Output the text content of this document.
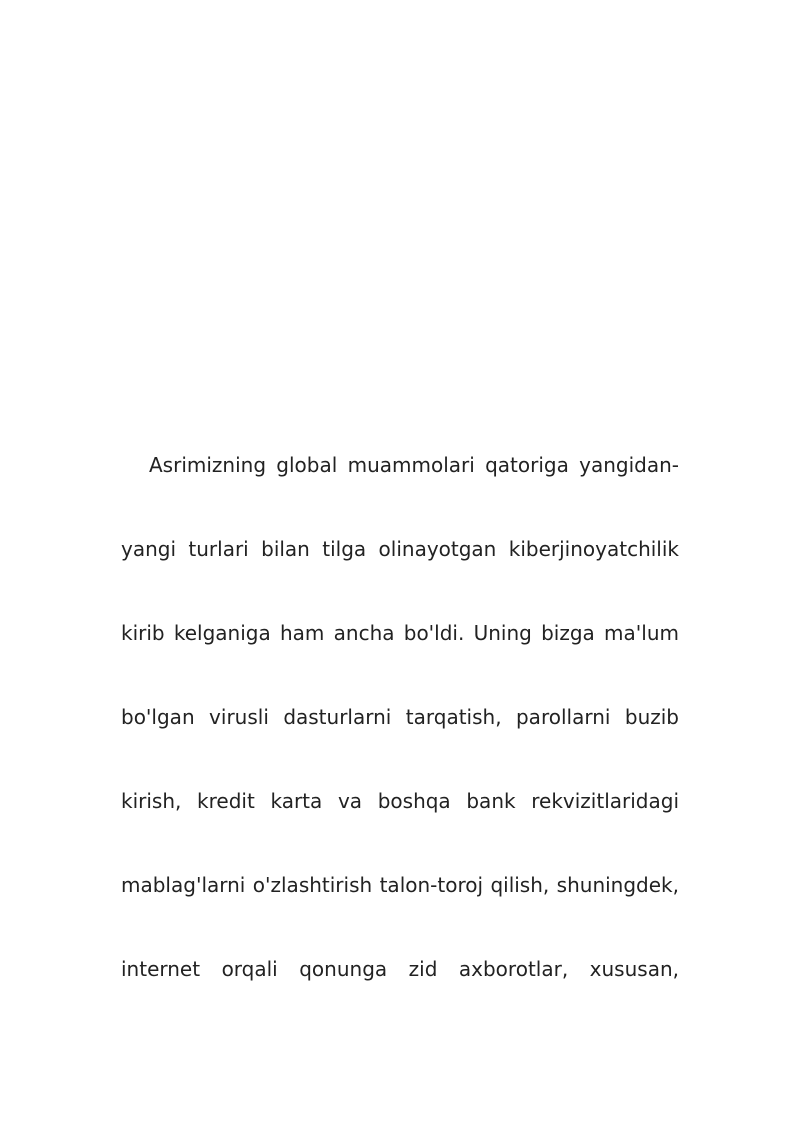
Asrimizning global muammolari qatoriga yangidan-
yangi turlari bilan tilga olinayotgan kiberjinoyatchilik
kirib kelganiga ham ancha bo'ldi. Uning bizga ma'lum
bo'lgan virusli dasturlarni tarqatish, parollarni buzib
kirish, kredit karta va boshqa bank rekvizitlaridagi
mablag'larni o'zlashtirish talon-toroj qilish, shuningdek,
internet orqali qonunga zid axborotlar, xususan,
